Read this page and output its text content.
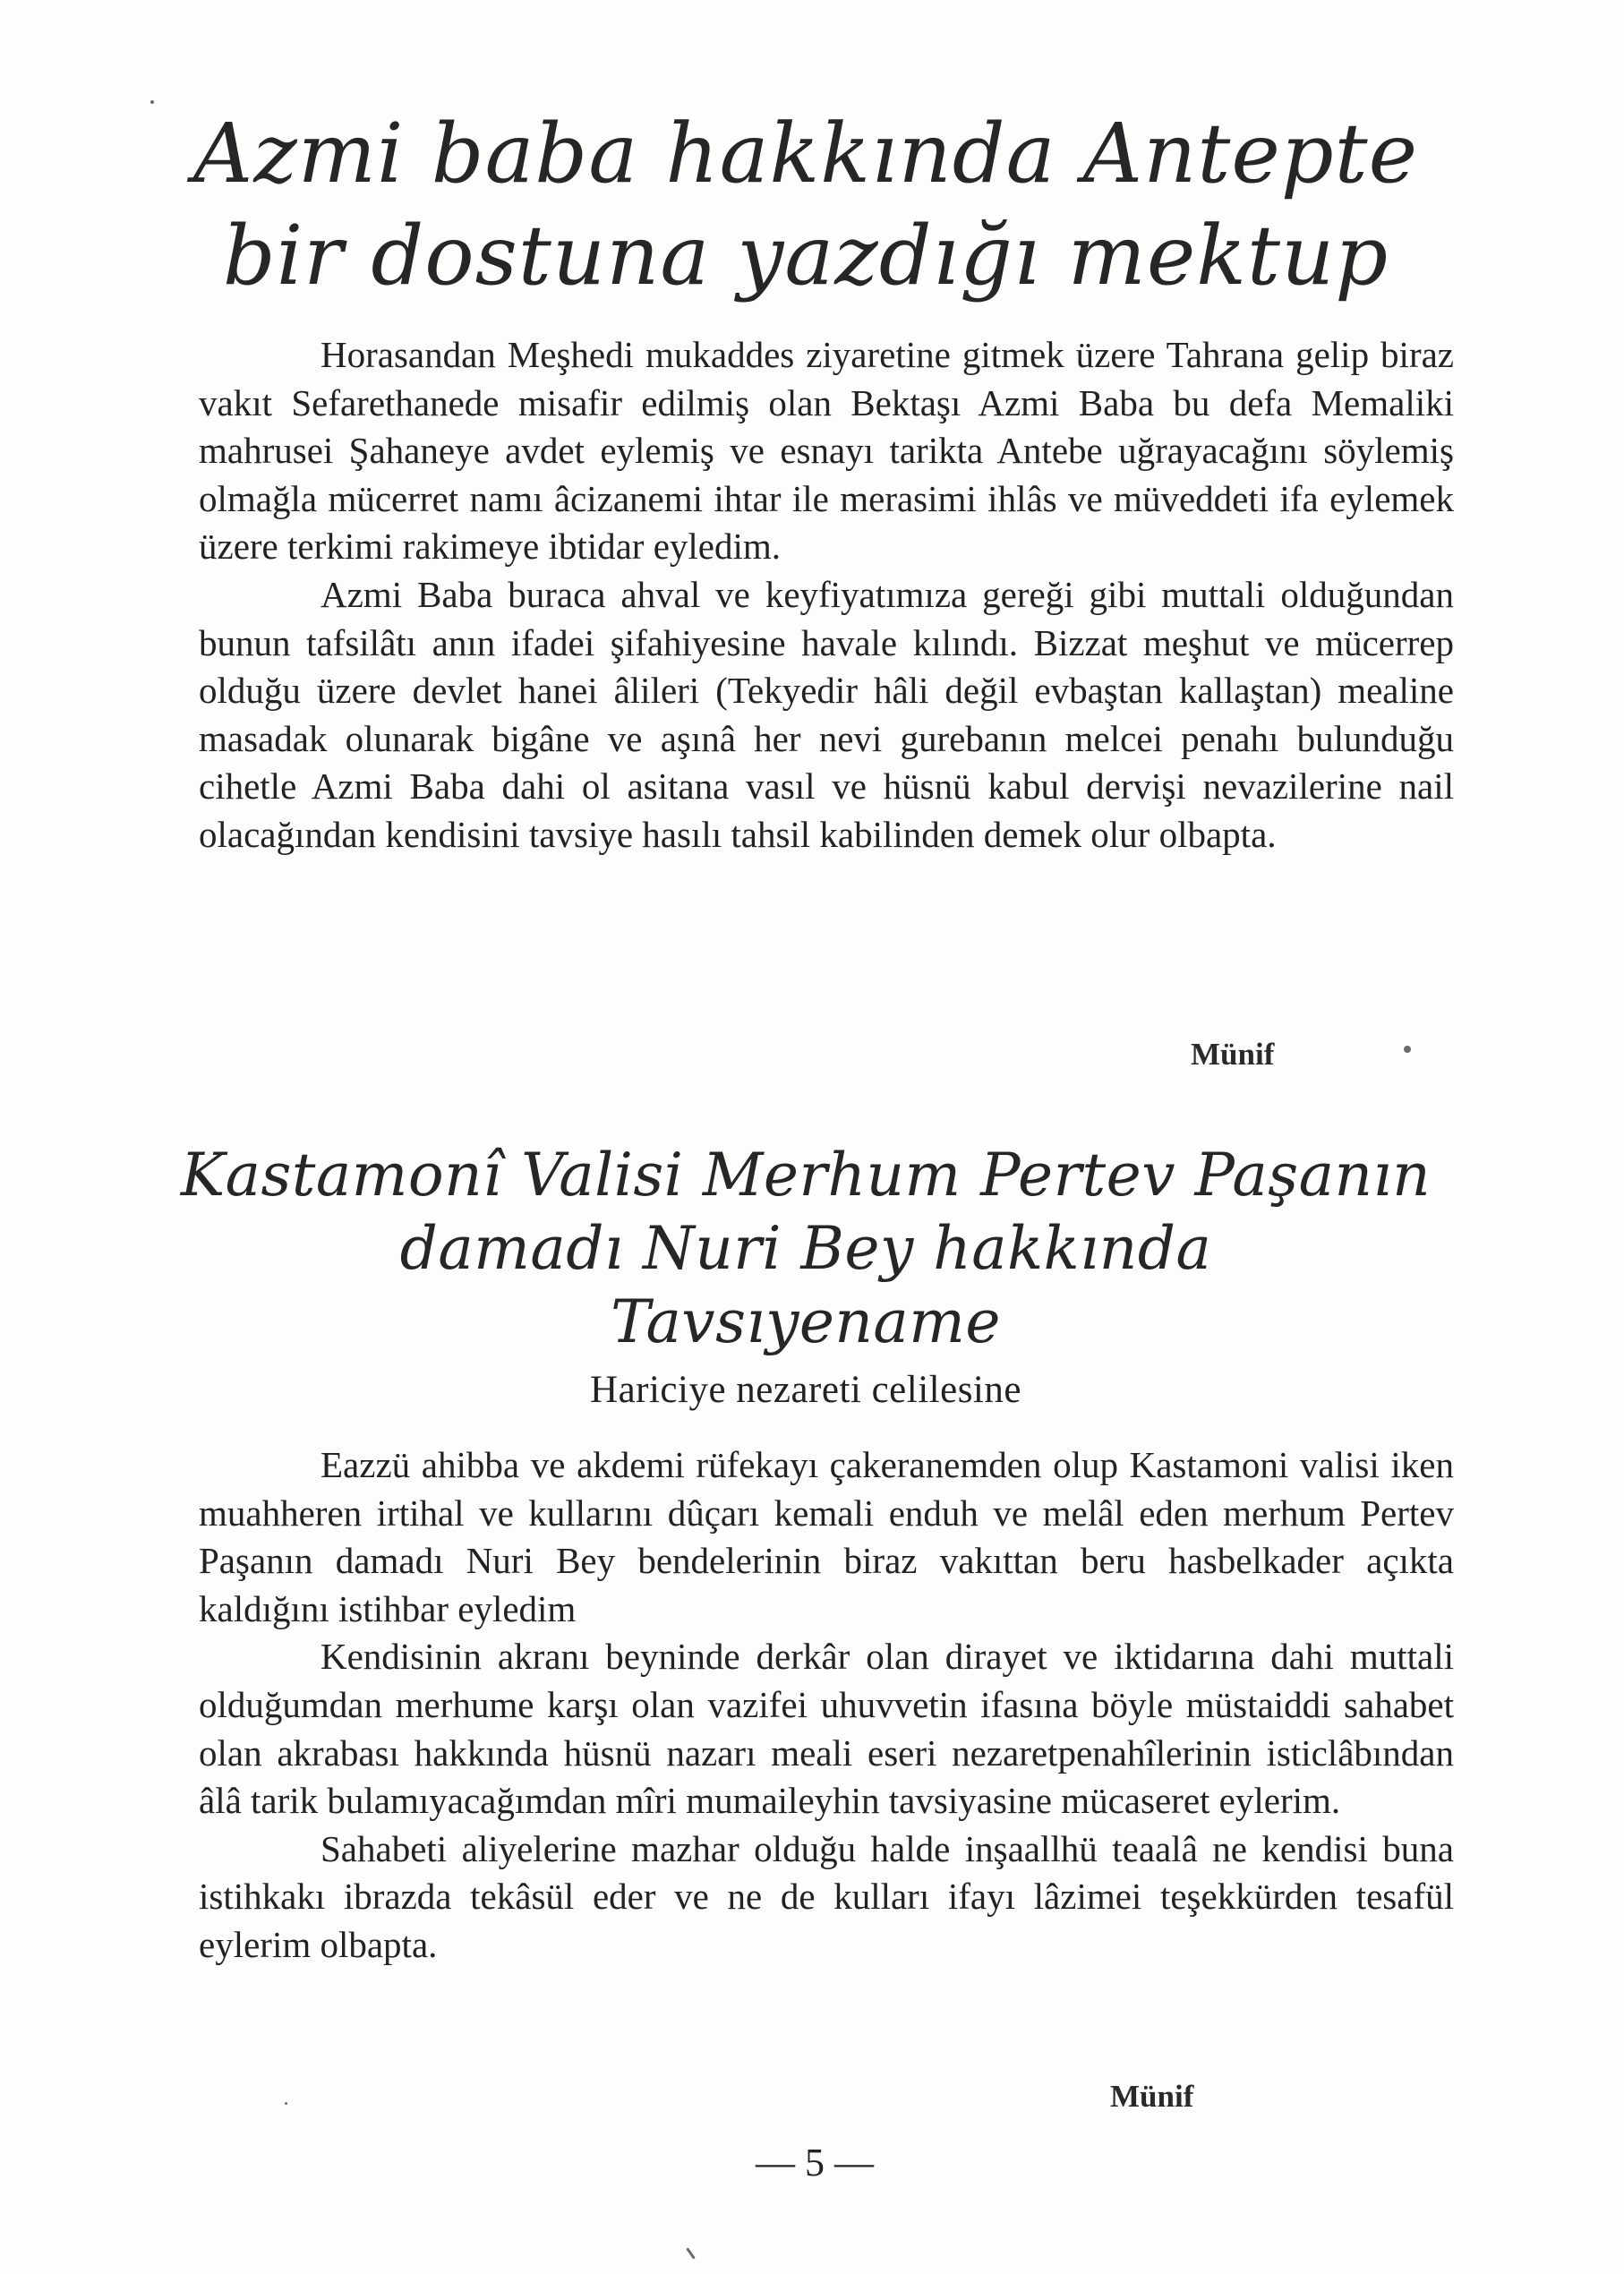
Azmi baba hakkında Antepte
bir dostuna yazdığı mektup

Horasandan Meşhedi mukaddes ziyaretine gitmek üzere Tahrana gelip biraz vakıt Sefarethanede misafir edilmiş olan Bektaşı Azmi Baba bu defa Memaliki mahrusei Şahaneye avdet eylemiş ve esnayı tarikta Antebe uğrayacağını söylemiş olmağla mücerret namı âcizanemi ihtar ile merasimi ihlâs ve müveddeti ifa eylemek üzere terkimi rakimeye ibtidar eyledim.

Azmi Baba buraca ahval ve keyfiyatımıza gereği gibi muttali olduğundan bunun tafsilâtı anın ifadei şifahiyesine havale kılındı. Bizzat meşhut ve mücerrep olduğu üzere devlet hanei âlileri (Tekyedir hâli değil evbaştan kallaştan) mealine masadak olunarak bigâne ve aşınâ her nevi gurebanın melcei penahı bulunduğu cihetle Azmi Baba dahi ol asitana vasıl ve hüsnü kabul dervişi nevazilerine nail olacağından kendisini tavsiye hasılı tahsil kabilinden demek olur olbapta.

Münif
Kastamonî Valisi Merhum Pertev Paşanın
damadı Nuri Bey hakkında
Tavsıyename
Hariciye nezareti celilesine

Eazzü ahibba ve akdemi rüfekayı çakeranemden olup Kastamoni valisi iken muahheren irtihal ve kullarını dûçarı kemali enduh ve melâl eden merhum Pertev Paşanın damadı Nuri Bey bendelerinin biraz vakıttan beru hasbelkader açıkta kaldığını istihbar eyledim

Kendisinin akranı beyninde derkâr olan dirayet ve iktidarına dahi muttali olduğumdan merhume karşı olan vazifei uhuvvetin ifasına böyle müstaiddi sahabet olan akrabası hakkında hüsnü nazarı meali eseri nezaretpenahîlerinin isticlâbından âlâ tarik bulamıyacağımdan mîri mumaileyhin tavsiyasine mücaseret eylerim.

Sahabeti aliyelerine mazhar olduğu halde inşaallhü teaalâ ne kendisi buna istihkakı ibrazda tekâsül eder ve ne de kulları ifayı lâzimei teşekkürden tesafül eylerim olbapta.

Münif
— 5 —
